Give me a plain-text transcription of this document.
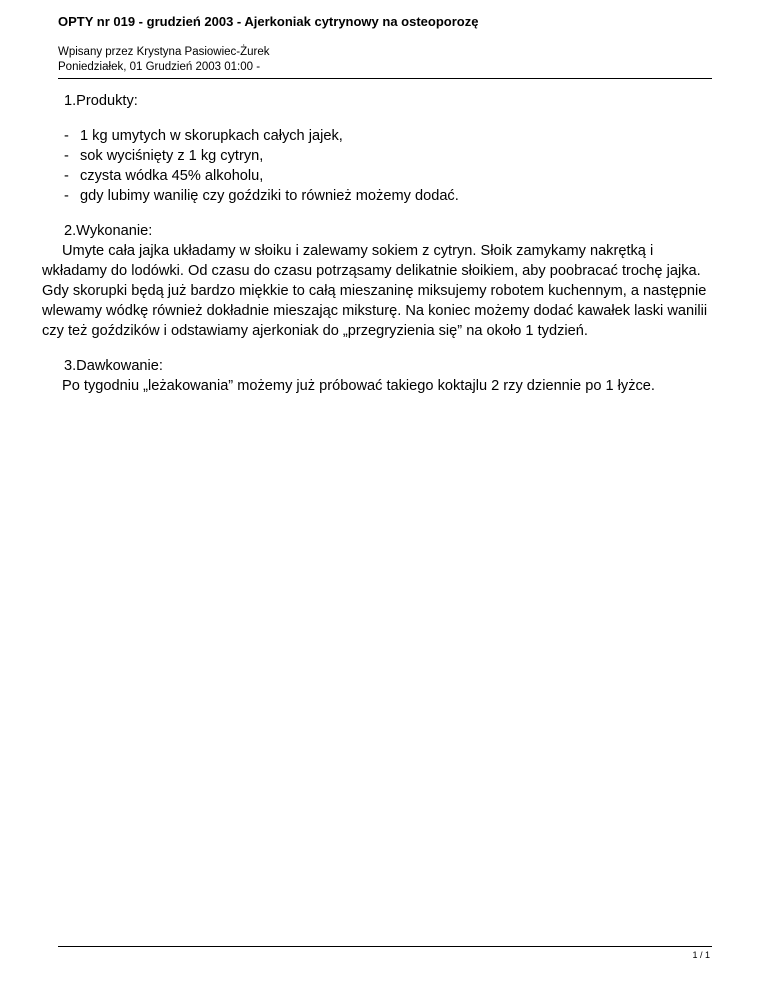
OPTY nr 019 - grudzień 2003 - Ajerkoniak cytrynowy na osteoporozę
Wpisany przez Krystyna Pasiowiec-Żurek
Poniedziałek, 01 Grudzień 2003 01:00 -
1.Produkty:
- 1 kg umytych w skorupkach całych jajek,
- sok wyciśnięty z 1 kg cytryn,
- czysta wódka 45% alkoholu,
- gdy lubimy wanilię czy goździki to również możemy dodać.
2.Wykonanie:

Umyte cała jajka układamy w słoiku i zalewamy sokiem z cytryn. Słoik zamykamy nakrętką i wkładamy do lodówki. Od czasu do czasu potrząsamy delikatnie słoikiem, aby poobracać trochę jajka. Gdy skorupki będą już bardzo miękkie to całą mieszaninę miksujemy robotem kuchennym, a następnie wlewamy wódkę również dokładnie mieszając miksturę. Na koniec możemy dodać kawałek laski wanilii czy też goździków i odstawiamy ajerkoniak do „przegryzienia się” na około 1 tydzień.

3.Dawkowanie:

Po tygodniu „leżakowania” możemy już próbować takiego koktajlu 2 rzy dziennie po 1 łyżce.

1 / 1
